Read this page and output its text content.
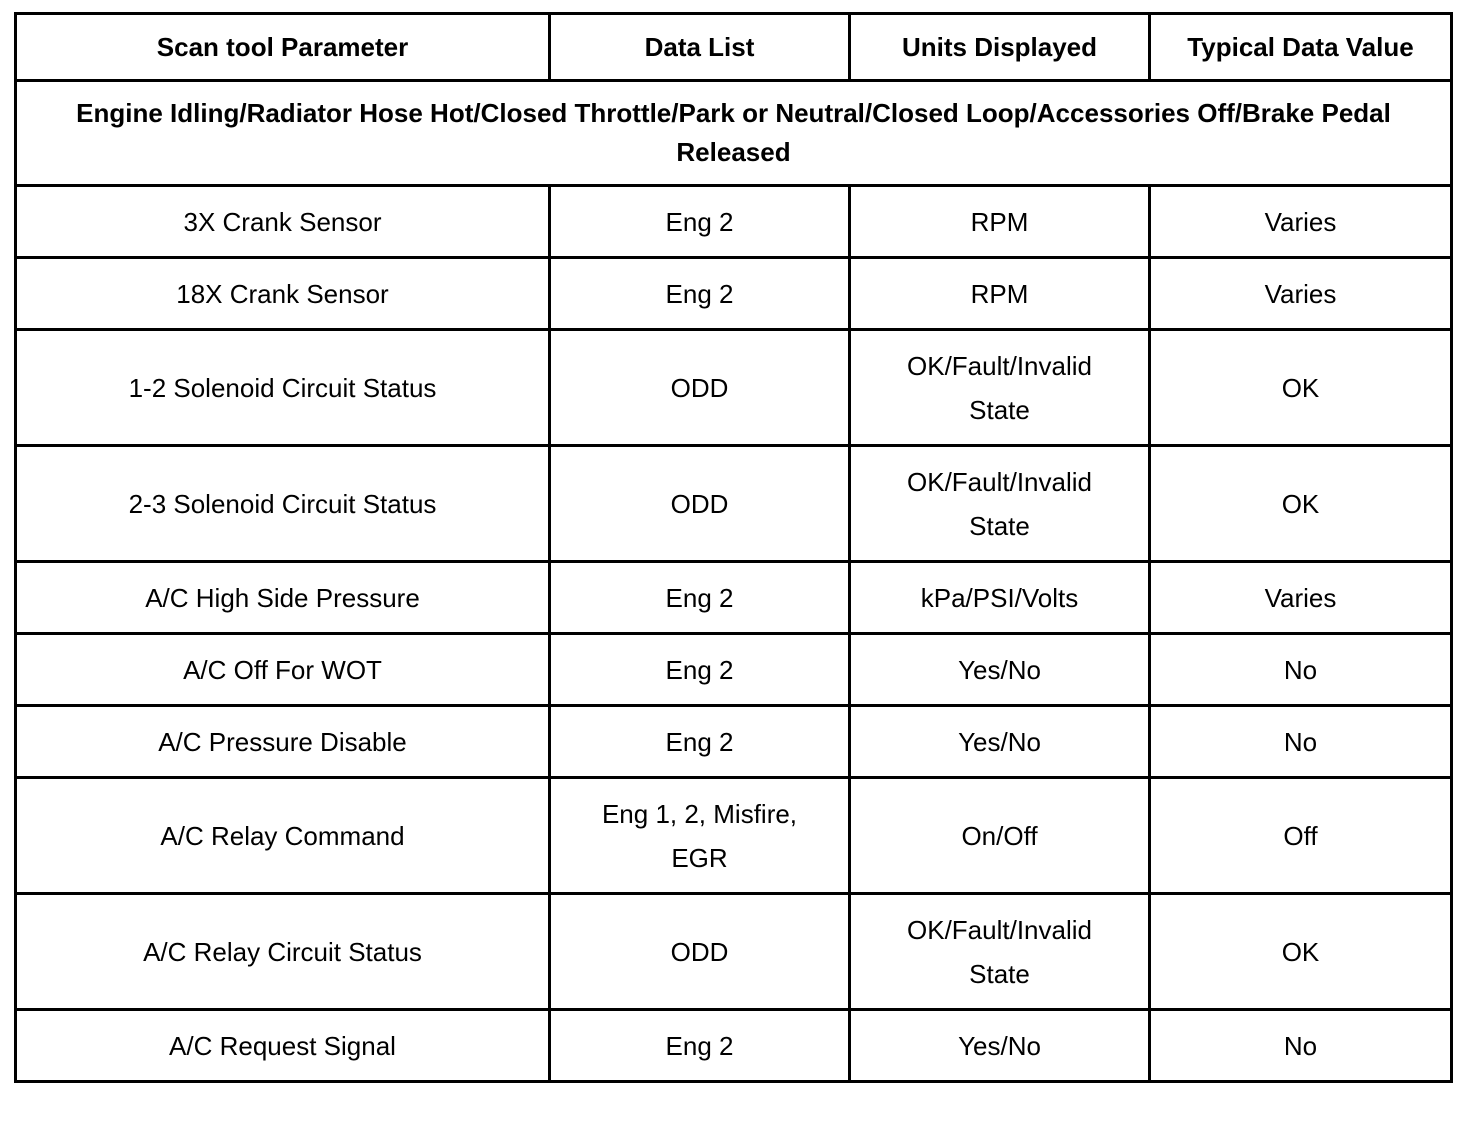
Scan tool Parameter	Data List	Units Displayed	Typical Data Value
Engine Idling/Radiator Hose Hot/Closed Throttle/Park or Neutral/Closed Loop/Accessories Off/Brake Pedal Released			
3X Crank Sensor	Eng 2	RPM	Varies
18X Crank Sensor	Eng 2	RPM	Varies
1-2 Solenoid Circuit Status	ODD	OK/Fault/Invalid State	OK
2-3 Solenoid Circuit Status	ODD	OK/Fault/Invalid State	OK
A/C High Side Pressure	Eng 2	kPa/PSI/Volts	Varies
A/C Off For WOT	Eng 2	Yes/No	No
A/C Pressure Disable	Eng 2	Yes/No	No
A/C Relay Command	Eng 1, 2, Misfire, EGR	On/Off	Off
A/C Relay Circuit Status	ODD	OK/Fault/Invalid State	OK
A/C Request Signal	Eng 2	Yes/No	No
